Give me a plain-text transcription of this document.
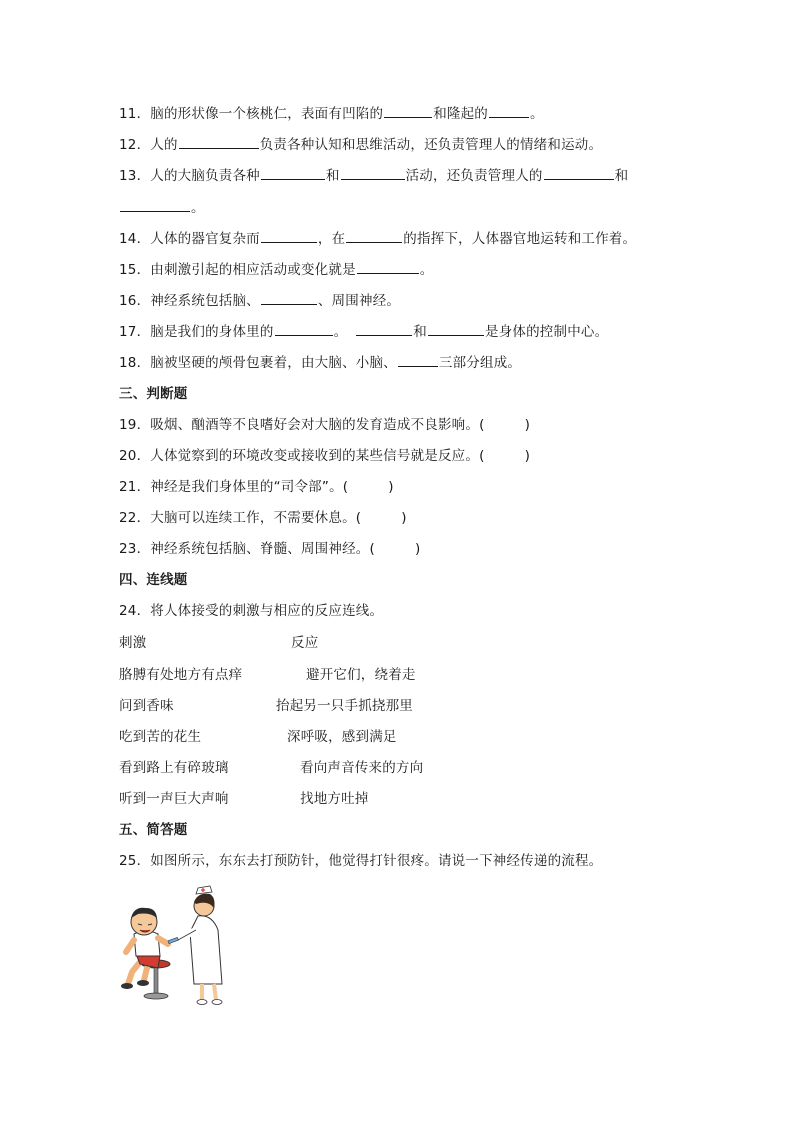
11．脑的形状像一个核桃仁，表面有凹陷的	和隆起的	。
12．人的	负责各种认知和思维活动，还负责管理人的情绪和运动。
13．人的大脑负责各种	和	活动，还负责管理人的	和
。
14．人体的器官复杂而	，在	的指挥下，人体器官地运转和工作着。
15．由刺激引起的相应活动或变化就是	。
16．神经系统包括脑、	、周围神经。
17．脑是我们的身体里的	。	和	是身体的控制中心。
18．脑被坚硬的颅骨包裹着，由大脑、小脑、	三部分组成。
三、判断题
19．吸烟、酗酒等不良嗜好会对大脑的发育造成不良影响。(	)
20．人体觉察到的环境改变或接收到的某些信号就是反应。(	)
21．神经是我们身体里的“司令部”。(	)
22．大脑可以连续工作，不需要休息。(	)
23．神经系统包括脑、脊髓、周围神经。(	)
四、连线题
24．将人体接受的刺激与相应的反应连线。
刺激	反应
胳膊有处地方有点痒	避开它们，绕着走
问到香味	抬起另一只手抓挠那里
吃到苦的花生	深呼吸，感到满足
看到路上有碎玻璃	看向声音传来的方向
听到一声巨大声响	找地方吐掉
五、简答题
25．如图所示，东东去打预防针，他觉得打针很疼。请说一下神经传递的流程。
